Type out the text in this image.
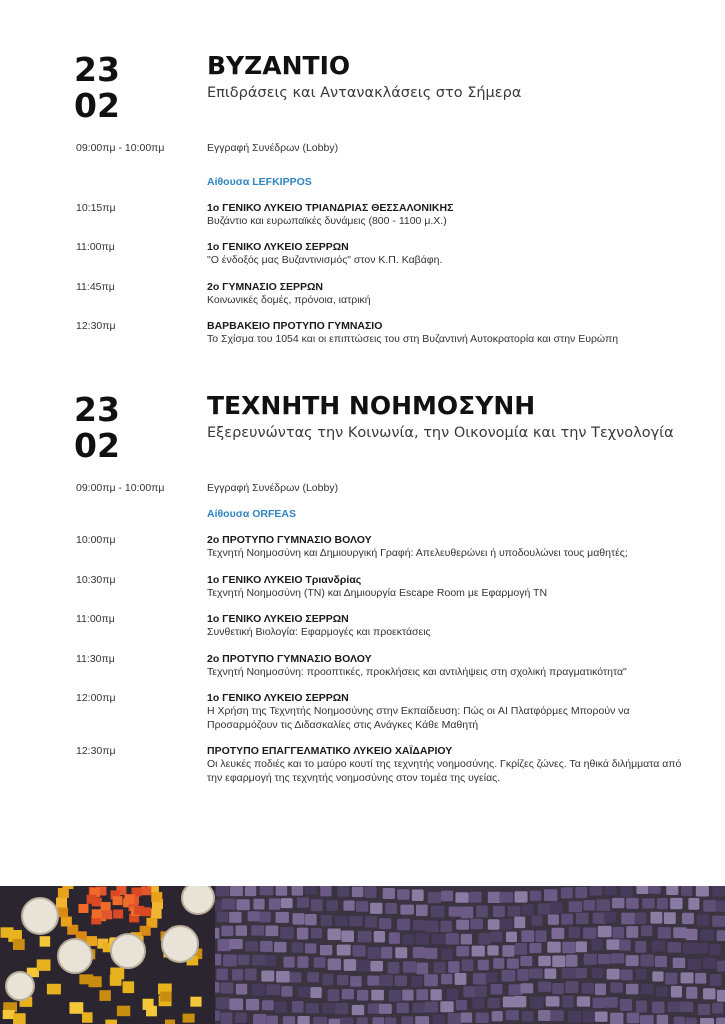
23
02
ΒΥΖΑΝΤΙΟ
Επιδράσεις και Αντανακλάσεις στο Σήμερα
09:00πμ - 10:00πμ	Εγγραφή Συνέδρων (Lobby)
Αίθουσα LEFKIPPOS
10:15πμ	1ο ΓΕΝΙΚΟ ΛΥΚΕΙΟ ΤΡΙΑΝΔΡΙΑΣ ΘΕΣΣΑΛΟΝΙΚΗΣ
Βυζάντιο και ευρωπαϊκές δυνάμεις (800 - 1100 μ.Χ.)
11:00πμ	1ο ΓΕΝΙΚΟ ΛΥΚΕΙΟ ΣΕΡΡΩΝ
"Ο ένδοξός μας Βυζαντινισμός" στον Κ.Π. Καβάφη.
11:45πμ	2ο ΓΥΜΝΑΣΙΟ ΣΕΡΡΩΝ
Κοινωνικές δομές, πρόνοια, ιατρική
12:30πμ	ΒΑΡΒΑΚΕΙΟ ΠΡΟΤΥΠΟ ΓΥΜΝΑΣΙΟ
Το Σχίσμα του 1054 και οι επιπτώσεις του στη Βυζαντινή Αυτοκρατορία και στην Ευρώπη
23
02
ΤΕΧΝΗΤΗ ΝΟΗΜΟΣΥΝΗ
Εξερευνώντας την Κοινωνία, την Οικονομία και την Τεχνολογία
09:00πμ - 10:00πμ	Εγγραφή Συνέδρων (Lobby)
Αίθουσα ORFEAS
10:00πμ	2ο ΠΡΟΤΥΠΟ ΓΥΜΝΑΣΙΟ ΒΟΛΟΥ
Τεχνητή Νοημοσύνη και Δημιουργική Γραφή: Απελευθερώνει ή υποδουλώνει τους μαθητές;
10:30πμ	1ο ΓΕΝΙΚΟ ΛΥΚΕΙΟ Τριανδρίας
Τεχνητή Νοημοσύνη (ΤΝ) και Δημιουργία Escape Room με Εφαρμογή ΤΝ
11:00πμ	1ο ΓΕΝΙΚΟ ΛΥΚΕΙΟ ΣΕΡΡΩΝ
Συνθετική Βιολογία: Εφαρμογές και προεκτάσεις
11:30πμ	2ο ΠΡΟΤΥΠΟ ΓΥΜΝΑΣΙΟ ΒΟΛΟΥ
Τεχνητή Νοημοσύνη: προοπτικές, προκλήσεις και αντιλήψεις στη σχολική πραγματικότητα"
12:00πμ	1ο ΓΕΝΙΚΟ ΛΥΚΕΙΟ ΣΕΡΡΩΝ
Η Χρήση της Τεχνητής Νοημοσύνης στην Εκπαίδευση: Πώς οι AI Πλατφόρμες Μπορούν να Προσαρμόζουν τις Διδασκαλίες στις Ανάγκες Κάθε Μαθητή
12:30πμ	ΠΡΟΤΥΠΟ ΕΠΑΓΓΕΛΜΑΤΙΚΟ ΛΥΚΕΙΟ ΧΑΪΔΑΡΙΟΥ
Οι λευκές ποδιές και το μαύρο κουτί της τεχνητής νοημοσύνης. Γκρίζες ζώνες. Τα ηθικά διλήμματα από την εφαρμογή της τεχνητής νοημοσύνης στον τομέα της υγείας.
